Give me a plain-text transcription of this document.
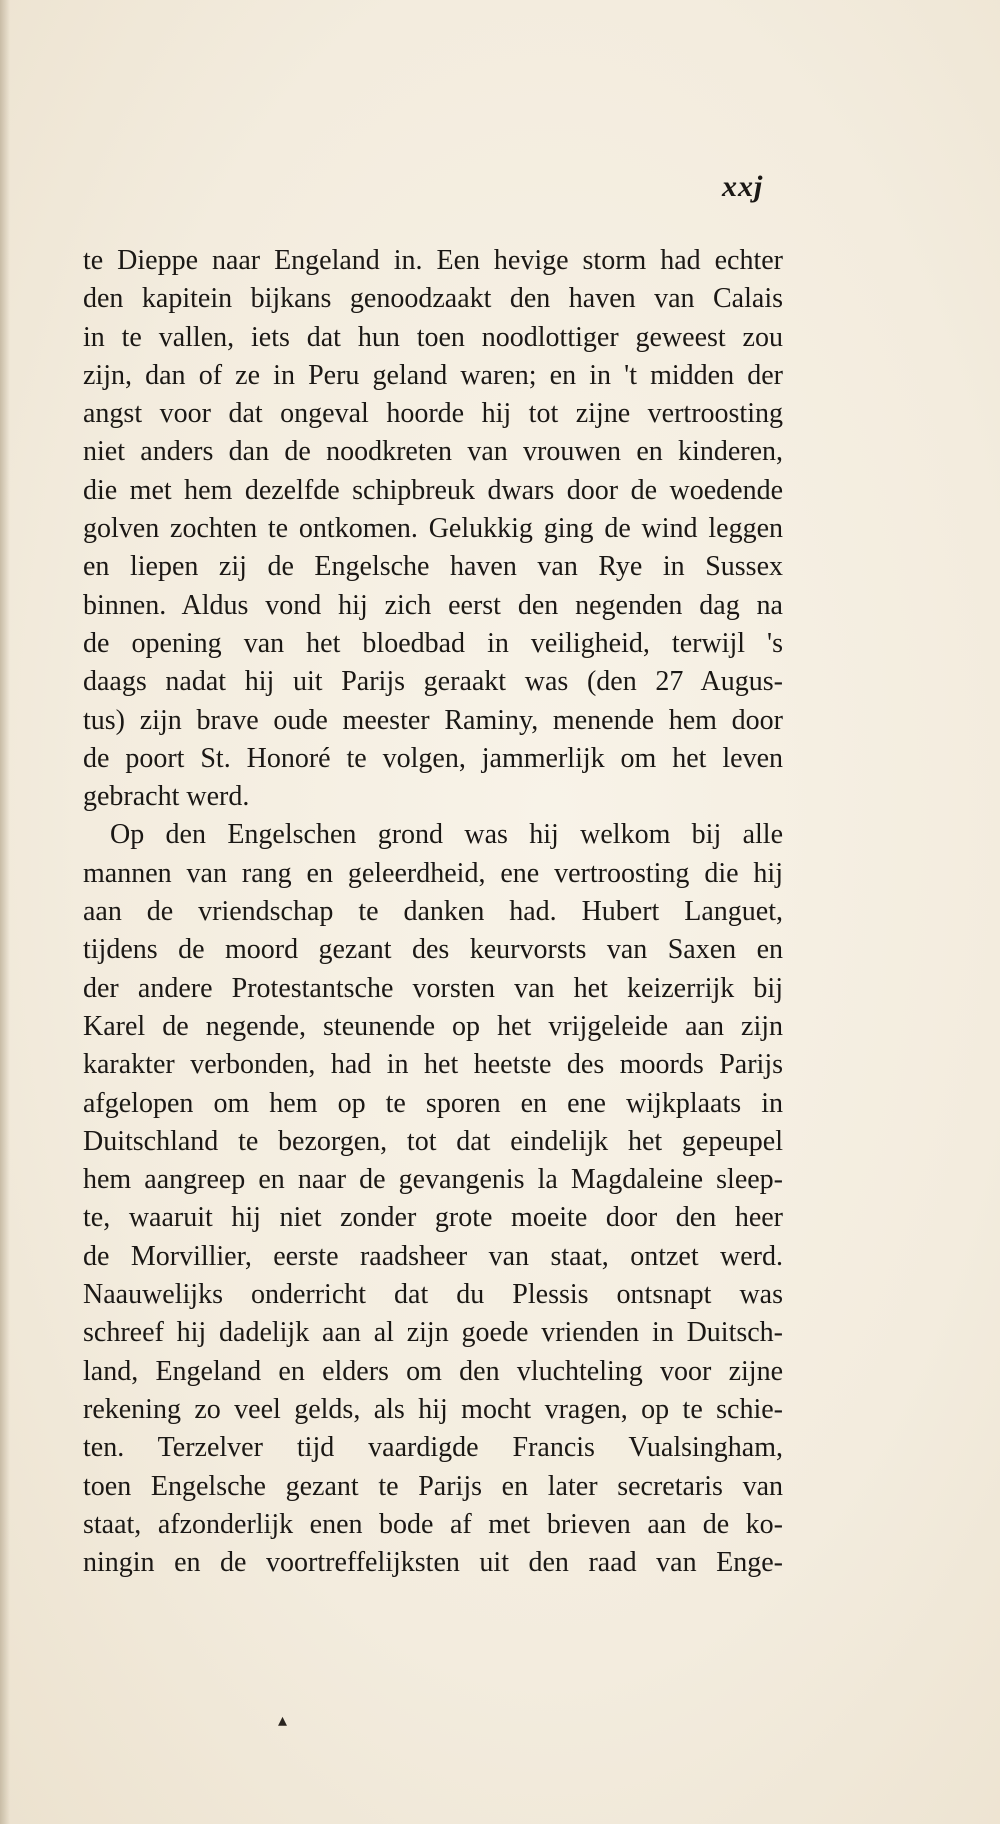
xxj
te Dieppe naar Engeland in. Een hevige storm had echter
den kapitein bijkans genoodzaakt den haven van Calais
in te vallen, iets dat hun toen noodlottiger geweest zou
zijn, dan of ze in Peru geland waren; en in 't midden der
angst voor dat ongeval hoorde hij tot zijne vertroosting
niet anders dan de noodkreten van vrouwen en kinderen,
die met hem dezelfde schipbreuk dwars door de woedende
golven zochten te ontkomen. Gelukkig ging de wind leggen
en liepen zij de Engelsche haven van Rye in Sussex
binnen. Aldus vond hij zich eerst den negenden dag na
de opening van het bloedbad in veiligheid, terwijl 's
daags nadat hij uit Parijs geraakt was (den 27 Augus-
tus) zijn brave oude meester Raminy, menende hem door
de poort St. Honoré te volgen, jammerlijk om het leven
gebracht werd.
Op den Engelschen grond was hij welkom bij alle
mannen van rang en geleerdheid, ene vertroosting die hij
aan de vriendschap te danken had. Hubert Languet,
tijdens de moord gezant des keurvorsts van Saxen en
der andere Protestantsche vorsten van het keizerrijk bij
Karel de negende, steunende op het vrijgeleide aan zijn
karakter verbonden, had in het heetste des moords Parijs
afgelopen om hem op te sporen en ene wijkplaats in
Duitschland te bezorgen, tot dat eindelijk het gepeupel
hem aangreep en naar de gevangenis la Magdaleine sleep-
te, waaruit hij niet zonder grote moeite door den heer
de Morvillier, eerste raadsheer van staat, ontzet werd.
Naauwelijks onderricht dat du Plessis ontsnapt was
schreef hij dadelijk aan al zijn goede vrienden in Duitsch-
land, Engeland en elders om den vluchteling voor zijne
rekening zo veel gelds, als hij mocht vragen, op te schie-
ten. Terzelver tijd vaardigde Francis Vualsingham,
toen Engelsche gezant te Parijs en later secretaris van
staat, afzonderlijk enen bode af met brieven aan de ko-
ningin en de voortreffelijksten uit den raad van Enge-
▴
